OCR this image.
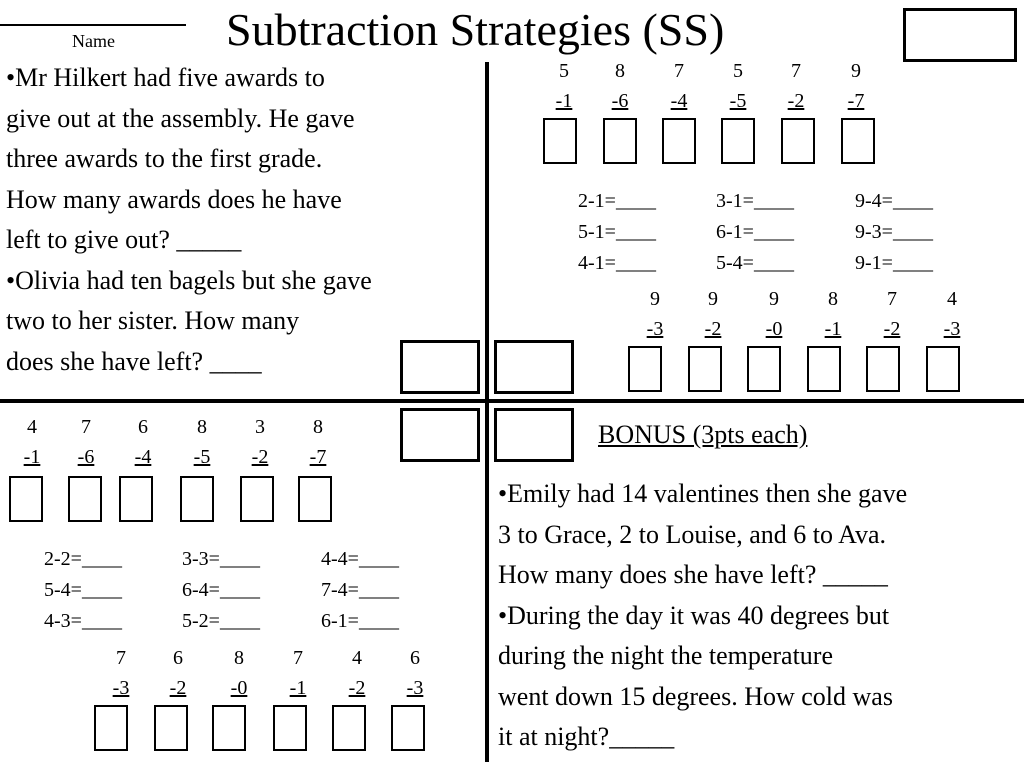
Name Subtraction Strategies (SS)
•Mr Hilkert had five awards to
give out at the assembly. He gave
three awards to the first grade.
How many awards does he have
left to give out? _____
•Olivia had ten bagels but she gave
two to her sister. How many
does she have left? ____
5
-1
8
-6
7
-4
5
-5
7
-2
9
-7
2-1=____
5-1=____
4-1=____
3-1=____
6-1=____
5-4=____
9-4=____
9-3=____
9-1=____
9
-3
9
-2
9
-0
8
-1
7
-2
4
-3
4
-1
7
-6
6
-4
8
-5
3
-2
8
-7
2-2=____
5-4=____
4-3=____
3-3=____
6-4=____
5-2=____
4-4=____
7-4=____
6-1=____
7
-3
6
-2
8
-0
7
-1
4
-2
6
-3
BONUS (3pts each)
•Emily had 14 valentines then she gave
3 to Grace, 2 to Louise, and 6 to Ava.
How many does she have left? _____
•During the day it was 40 degrees but
during the night the temperature
went down 15 degrees. How cold was
it at night?_____
